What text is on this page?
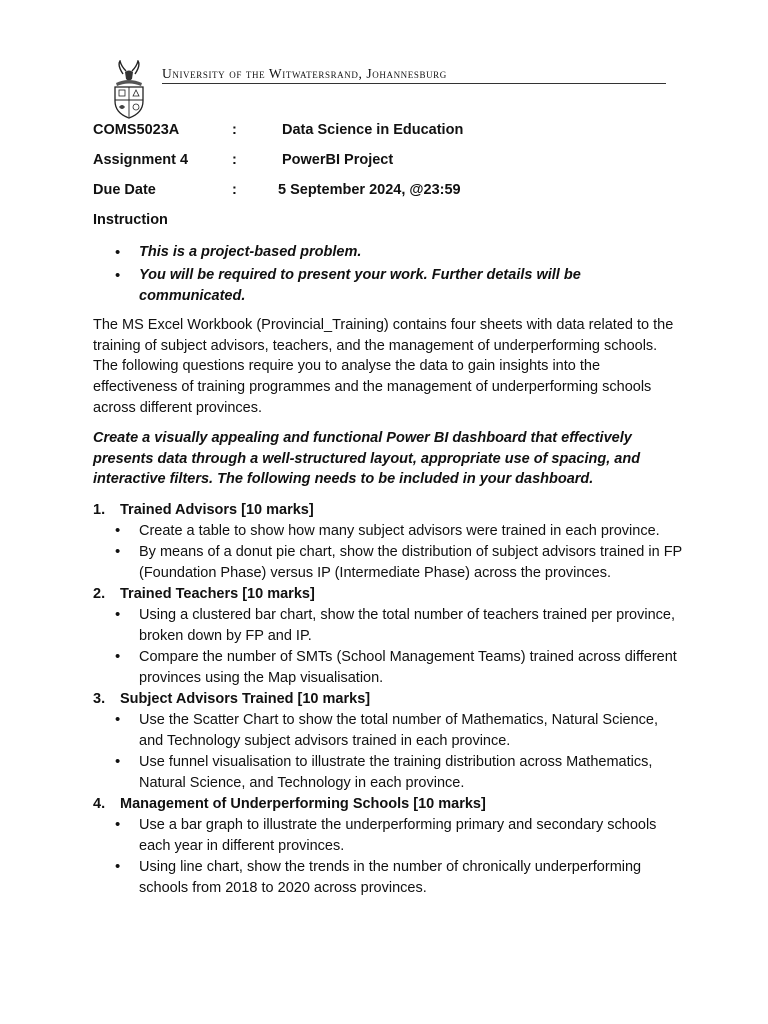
University of the Witwatersrand, Johannesburg
COMS5023A	:	Data Science in Education
Assignment 4	:	PowerBI Project
Due Date	:	5 September 2024, @23:59
Instruction
• This is a project-based problem.
• You will be required to present your work. Further details will be communicated.
The MS Excel Workbook (Provincial_Training) contains four sheets with data related to the training of subject advisors, teachers, and the management of underperforming schools. The following questions require you to analyse the data to gain insights into the effectiveness of training programmes and the management of underperforming schools across different provinces.
Create a visually appealing and functional Power BI dashboard that effectively presents data through a well-structured layout, appropriate use of spacing, and interactive filters. The following needs to be included in your dashboard.
1. Trained Advisors [10 marks]
• Create a table to show how many subject advisors were trained in each province.
• By means of a donut pie chart, show the distribution of subject advisors trained in FP (Foundation Phase) versus IP (Intermediate Phase) across the provinces.
2. Trained Teachers [10 marks]
• Using a clustered bar chart, show the total number of teachers trained per province, broken down by FP and IP.
• Compare the number of SMTs (School Management Teams) trained across different provinces using the Map visualisation.
3. Subject Advisors Trained [10 marks]
• Use the Scatter Chart to show the total number of Mathematics, Natural Science, and Technology subject advisors trained in each province.
• Use funnel visualisation to illustrate the training distribution across Mathematics, Natural Science, and Technology in each province.
4. Management of Underperforming Schools [10 marks]
• Use a bar graph to illustrate the underperforming primary and secondary schools each year in different provinces.
• Using line chart, show the trends in the number of chronically underperforming schools from 2018 to 2020 across provinces.
